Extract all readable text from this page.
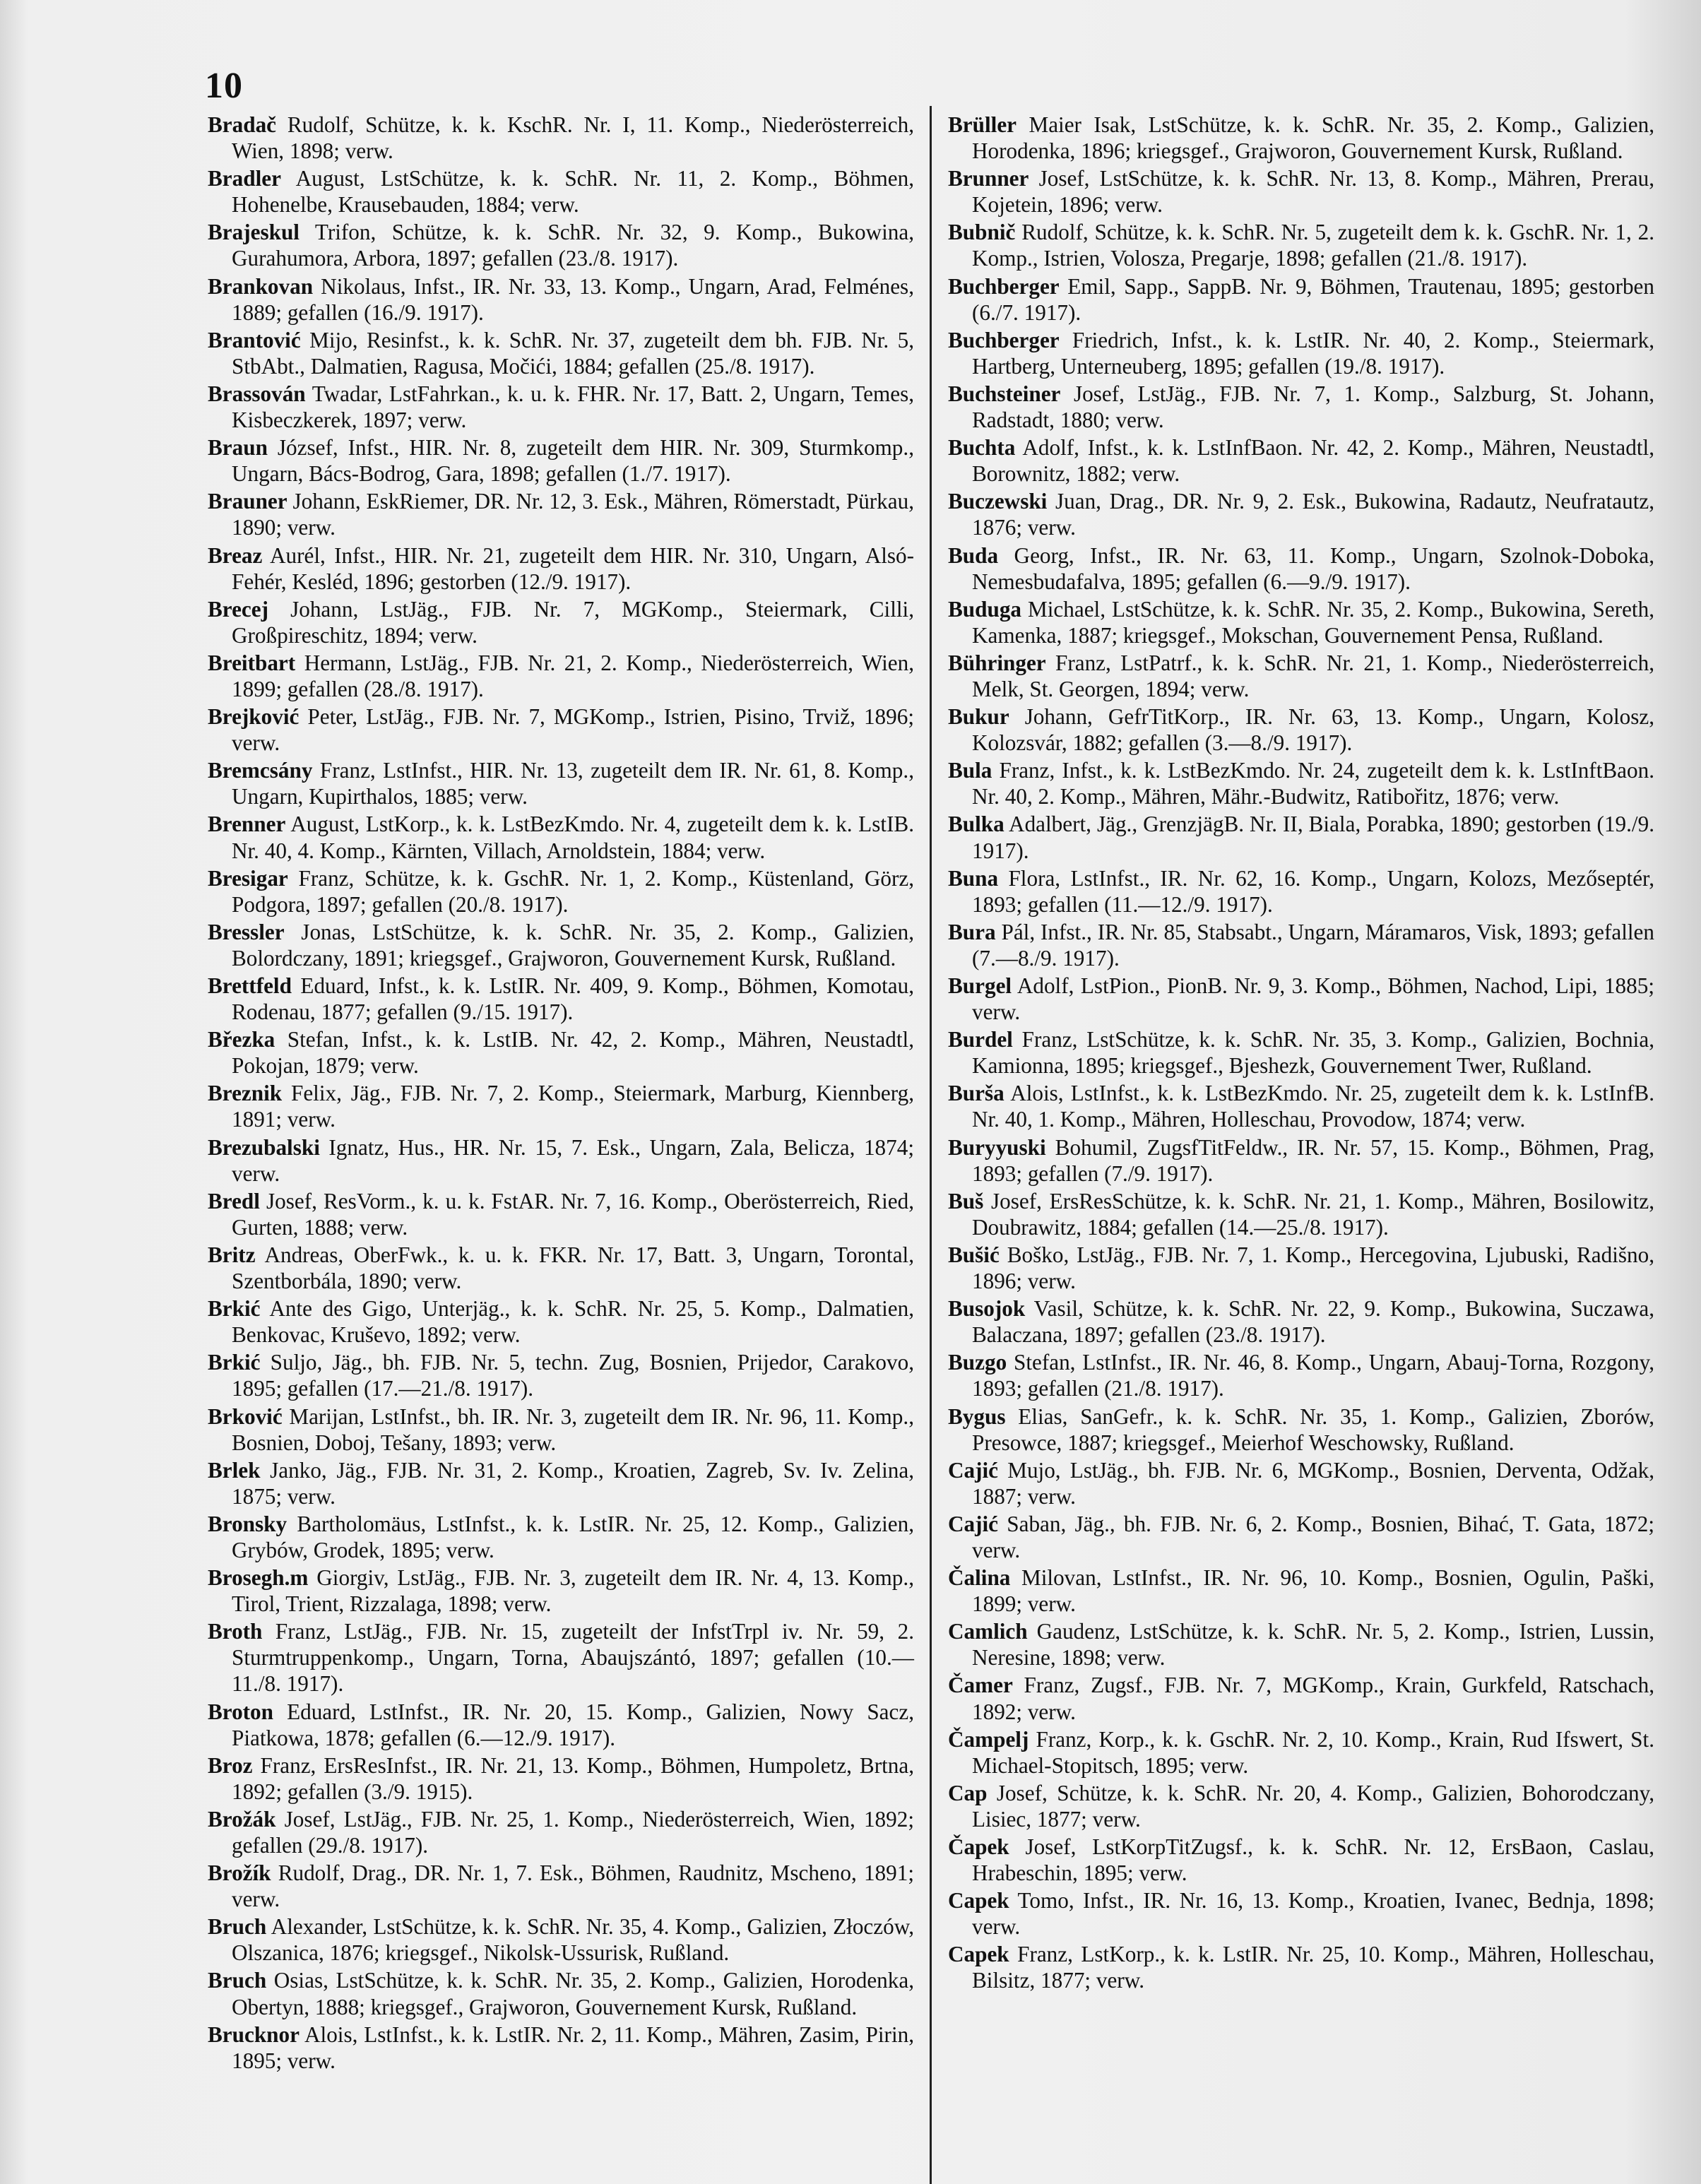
10
Bradač Rudolf, Schütze, k. k. KschR. Nr. I, 11. Komp., Niederösterreich, Wien, 1898; verw.
Bradler August, LstSchütze, k. k. SchR. Nr. 11, 2. Komp., Böhmen, Hohenelbe, Krausebauden, 1884; verw.
Brajeskul Trifon, Schütze, k. k. SchR. Nr. 32, 9. Komp., Bukowina, Gurahumora, Arbora, 1897; gefallen (23./8. 1917).
Brankovan Nikolaus, Infst., IR. Nr. 33, 13. Komp., Ungarn, Arad, Felménes, 1889; gefallen (16./9. 1917).
Brantović Mijo, Resinfst., k. k. SchR. Nr. 37, zugeteilt dem bh. FJB. Nr. 5, StbAbt., Dalmatien, Ragusa, Močići, 1884; gefallen (25./8. 1917).
Brassován Twadar, LstFahrkan., k. u. k. FHR. Nr. 17, Batt. 2, Ungarn, Temes, Kisbeczkerek, 1897; verw.
Braun József, Infst., HIR. Nr. 8, zugeteilt dem HIR. Nr. 309, Sturmkomp., Ungarn, Bács-Bodrog, Gara, 1898; gefallen (1./7. 1917).
Brauner Johann, EskRiemer, DR. Nr. 12, 3. Esk., Mähren, Römerstadt, Pürkau, 1890; verw.
Breaz Aurél, Infst., HIR. Nr. 21, zugeteilt dem HIR. Nr. 310, Ungarn, Alsó-Fehér, Kesléd, 1896; gestorben (12./9. 1917).
Brecej Johann, LstJäg., FJB. Nr. 7, MGKomp., Steiermark, Cilli, Großpireschitz, 1894; verw.
Breitbart Hermann, LstJäg., FJB. Nr. 21, 2. Komp., Niederösterreich, Wien, 1899; gefallen (28./8. 1917).
Brejković Peter, LstJäg., FJB. Nr. 7, MGKomp., Istrien, Pisino, Trviž, 1896; verw.
Bremcsány Franz, LstInfst., HIR. Nr. 13, zugeteilt dem IR. Nr. 61, 8. Komp., Ungarn, Kupirthalos, 1885; verw.
Brenner August, LstKorp., k. k. LstBezKmdo. Nr. 4, zugeteilt dem k. k. LstIB. Nr. 40, 4. Komp., Kärnten, Villach, Arnoldstein, 1884; verw.
Bresigar Franz, Schütze, k. k. GschR. Nr. 1, 2. Komp., Küstenland, Görz, Podgora, 1897; gefallen (20./8. 1917).
Bressler Jonas, LstSchütze, k. k. SchR. Nr. 35, 2. Komp., Galizien, Bolordczany, 1891; kriegsgef., Grajworon, Gouvernement Kursk, Rußland.
Brettfeld Eduard, Infst., k. k. LstIR. Nr. 409, 9. Komp., Böhmen, Komotau, Rodenau, 1877; gefallen (9./15. 1917).
Březka Stefan, Infst., k. k. LstIB. Nr. 42, 2. Komp., Mähren, Neustadtl, Pokojan, 1879; verw.
Breznik Felix, Jäg., FJB. Nr. 7, 2. Komp., Steiermark, Marburg, Kiennberg, 1891; verw.
Brezubalski Ignatz, Hus., HR. Nr. 15, 7. Esk., Ungarn, Zala, Belicza, 1874; verw.
Bredl Josef, ResVorm., k. u. k. FstAR. Nr. 7, 16. Komp., Oberösterreich, Ried, Gurten, 1888; verw.
Britz Andreas, OberFwk., k. u. k. FKR. Nr. 17, Batt. 3, Ungarn, Torontal, Szentborbála, 1890; verw.
Brkić Ante des Gigo, Unterjäg., k. k. SchR. Nr. 25, 5. Komp., Dalmatien, Benkovac, Kruševo, 1892; verw.
Brkić Suljo, Jäg., bh. FJB. Nr. 5, techn. Zug, Bosnien, Prijedor, Carakovo, 1895; gefallen (17.—21./8. 1917).
Brković Marijan, LstInfst., bh. IR. Nr. 3, zugeteilt dem IR. Nr. 96, 11. Komp., Bosnien, Doboj, Tešany, 1893; verw.
Brlek Janko, Jäg., FJB. Nr. 31, 2. Komp., Kroatien, Zagreb, Sv. Iv. Zelina, 1875; verw.
Bronsky Bartholomäus, LstInfst., k. k. LstIR. Nr. 25, 12. Komp., Galizien, Grybów, Grodek, 1895; verw.
Brosegh.m Giorgiv, LstJäg., FJB. Nr. 3, zugeteilt dem IR. Nr. 4, 13. Komp., Tirol, Trient, Rizzalaga, 1898; verw.
Broth Franz, LstJäg., FJB. Nr. 15, zugeteilt der InfstTrpl iv. Nr. 59, 2. Sturmtruppenkomp., Ungarn, Torna, Abaujszántó, 1897; gefallen (10.—11./8. 1917).
Broton Eduard, LstInfst., IR. Nr. 20, 15. Komp., Galizien, Nowy Sacz, Piatkowa, 1878; gefallen (6.—12./9. 1917).
Broz Franz, ErsResInfst., IR. Nr. 21, 13. Komp., Böhmen, Humpoletz, Brtna, 1892; gefallen (3./9. 1915).
Brožák Josef, LstJäg., FJB. Nr. 25, 1. Komp., Niederösterreich, Wien, 1892; gefallen (29./8. 1917).
Brožík Rudolf, Drag., DR. Nr. 1, 7. Esk., Böhmen, Raudnitz, Mscheno, 1891; verw.
Bruch Alexander, LstSchütze, k. k. SchR. Nr. 35, 4. Komp., Galizien, Złoczów, Olszanica, 1876; kriegsgef., Nikolsk-Ussurisk, Rußland.
Bruch Osias, LstSchütze, k. k. SchR. Nr. 35, 2. Komp., Galizien, Horodenka, Obertyn, 1888; kriegsgef., Grajworon, Gouvernement Kursk, Rußland.
Brucknor Alois, LstInfst., k. k. LstIR. Nr. 2, 11. Komp., Mähren, Zasim, Pirin, 1895; verw.
Brüller Maier Isak, LstSchütze, k. k. SchR. Nr. 35, 2. Komp., Galizien, Horodenka, 1896; kriegsgef., Grajworon, Gouvernement Kursk, Rußland.
Brunner Josef, LstSchütze, k. k. SchR. Nr. 13, 8. Komp., Mähren, Prerau, Kojetein, 1896; verw.
Bubnič Rudolf, Schütze, k. k. SchR. Nr. 5, zugeteilt dem k. k. GschR. Nr. 1, 2. Komp., Istrien, Volosza, Pregarje, 1898; gefallen (21./8. 1917).
Buchberger Emil, Sapp., SappB. Nr. 9, Böhmen, Trautenau, 1895; gestorben (6./7. 1917).
Buchberger Friedrich, Infst., k. k. LstIR. Nr. 40, 2. Komp., Steiermark, Hartberg, Unterneuberg, 1895; gefallen (19./8. 1917).
Buchsteiner Josef, LstJäg., FJB. Nr. 7, 1. Komp., Salzburg, St. Johann, Radstadt, 1880; verw.
Buchta Adolf, Infst., k. k. LstInfBaon. Nr. 42, 2. Komp., Mähren, Neustadtl, Borownitz, 1882; verw.
Buczewski Juan, Drag., DR. Nr. 9, 2. Esk., Bukowina, Radautz, Neufratautz, 1876; verw.
Buda Georg, Infst., IR. Nr. 63, 11. Komp., Ungarn, Szolnok-Doboka, Nemesbudafalva, 1895; gefallen (6.—9./9. 1917).
Buduga Michael, LstSchütze, k. k. SchR. Nr. 35, 2. Komp., Bukowina, Sereth, Kamenka, 1887; kriegsgef., Mokschan, Gouvernement Pensa, Rußland.
Bühringer Franz, LstPatrf., k. k. SchR. Nr. 21, 1. Komp., Niederösterreich, Melk, St. Georgen, 1894; verw.
Bukur Johann, GefrTitKorp., IR. Nr. 63, 13. Komp., Ungarn, Kolosz, Kolozsvár, 1882; gefallen (3.—8./9. 1917).
Bula Franz, Infst., k. k. LstBezKmdo. Nr. 24, zugeteilt dem k. k. LstInftBaon. Nr. 40, 2. Komp., Mähren, Mähr.-Budwitz, Ratibořitz, 1876; verw.
Bulka Adalbert, Jäg., GrenzjägB. Nr. II, Biala, Porabka, 1890; gestorben (19./9. 1917).
Buna Flora, LstInfst., IR. Nr. 62, 16. Komp., Ungarn, Kolozs, Mezőseptér, 1893; gefallen (11.—12./9. 1917).
Bura Pál, Infst., IR. Nr. 85, Stabsabt., Ungarn, Máramaros, Visk, 1893; gefallen (7.—8./9. 1917).
Burgel Adolf, LstPion., PionB. Nr. 9, 3. Komp., Böhmen, Nachod, Lipi, 1885; verw.
Burdel Franz, LstSchütze, k. k. SchR. Nr. 35, 3. Komp., Galizien, Bochnia, Kamionna, 1895; kriegsgef., Bjeshezk, Gouvernement Twer, Rußland.
Burša Alois, LstInfst., k. k. LstBezKmdo. Nr. 25, zugeteilt dem k. k. LstInfB. Nr. 40, 1. Komp., Mähren, Holleschau, Provodow, 1874; verw.
Buryyuski Bohumil, ZugsfTitFeldw., IR. Nr. 57, 15. Komp., Böhmen, Prag, 1893; gefallen (7./9. 1917).
Buš Josef, ErsResSchütze, k. k. SchR. Nr. 21, 1. Komp., Mähren, Bosilowitz, Doubrawitz, 1884; gefallen (14.—25./8. 1917).
Bušić Boško, LstJäg., FJB. Nr. 7, 1. Komp., Hercegovina, Ljubuski, Radišno, 1896; verw.
Busojok Vasil, Schütze, k. k. SchR. Nr. 22, 9. Komp., Bukowina, Suczawa, Balaczana, 1897; gefallen (23./8. 1917).
Buzgo Stefan, LstInfst., IR. Nr. 46, 8. Komp., Ungarn, Abauj-Torna, Rozgony, 1893; gefallen (21./8. 1917).
Bygus Elias, SanGefr., k. k. SchR. Nr. 35, 1. Komp., Galizien, Zborów, Presowce, 1887; kriegsgef., Meierhof Weschowsky, Rußland.
Cajić Mujo, LstJäg., bh. FJB. Nr. 6, MGKomp., Bosnien, Derventa, Odžak, 1887; verw.
Cajić Saban, Jäg., bh. FJB. Nr. 6, 2. Komp., Bosnien, Bihać, T. Gata, 1872; verw.
Čalina Milovan, LstInfst., IR. Nr. 96, 10. Komp., Bosnien, Ogulin, Paški, 1899; verw.
Camlich Gaudenz, LstSchütze, k. k. SchR. Nr. 5, 2. Komp., Istrien, Lussin, Neresine, 1898; verw.
Čamer Franz, Zugsf., FJB. Nr. 7, MGKomp., Krain, Gurkfeld, Ratschach, 1892; verw.
Čampelj Franz, Korp., k. k. GschR. Nr. 2, 10. Komp., Krain, Rud Ifswert, St. Michael-Stopitsch, 1895; verw.
Cap Josef, Schütze, k. k. SchR. Nr. 20, 4. Komp., Galizien, Bohorodczany, Lisiec, 1877; verw.
Čapek Josef, LstKorpTitZugsf., k. k. SchR. Nr. 12, ErsBaon, Caslau, Hrabeschin, 1895; verw.
Capek Tomo, Infst., IR. Nr. 16, 13. Komp., Kroatien, Ivanec, Bednja, 1898; verw.
Capek Franz, LstKorp., k. k. LstIR. Nr. 25, 10. Komp., Mähren, Holleschau, Bilsitz, 1877; verw.
